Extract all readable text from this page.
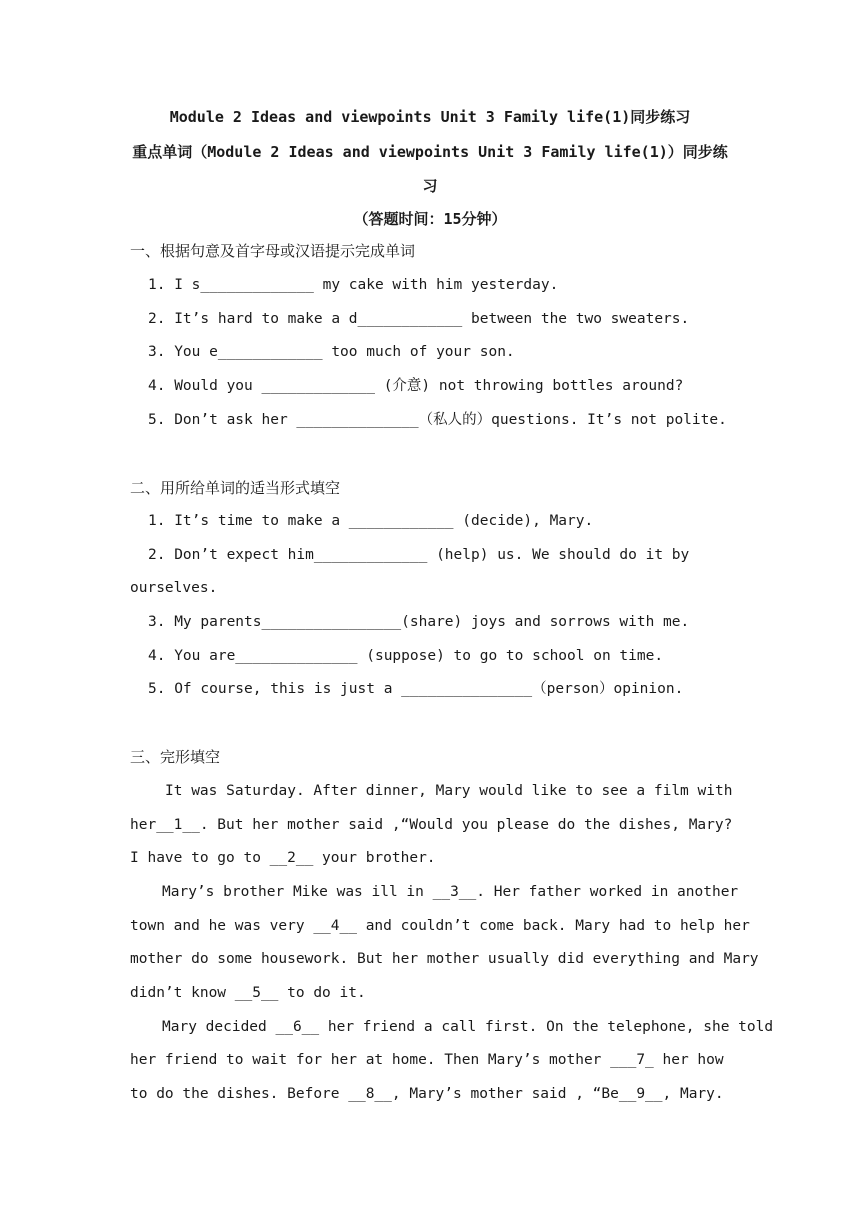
Module 2 Ideas and viewpoints Unit 3 Family life(1)同步练习
重点单词（Module 2 Ideas and viewpoints Unit 3 Family life(1)）同步练
习
（答题时间：15分钟）
一、根据句意及首字母或汉语提示完成单词
1. I s_____________ my cake with him yesterday.
2. It’s hard to make a d____________ between the two sweaters.
3. You e____________ too much of your son.
4. Would you _____________ (介意) not throwing bottles around?
5. Don’t ask her ______________（私人的）questions. It’s not polite.
二、用所给单词的适当形式填空
1. It’s time to make a ____________ (decide), Mary.
2. Don’t expect him_____________ (help) us. We should do it by
ourselves.
3. My parents________________(share) joys and sorrows with me.
4. You are______________ (suppose) to go to school on time.
5. Of course, this is just a _______________（person）opinion.
三、完形填空
It was Saturday. After dinner, Mary would like to see a film with
her__1__. But her mother said ,“Would you please do the dishes, Mary?
I have to go to __2__ your brother.
Mary’s brother Mike was ill in __3__. Her father worked in another
town and he was very __4__ and couldn’t come back. Mary had to help her
mother do some housework. But her mother usually did everything and Mary
didn’t know __5__ to do it.
Mary decided __6__ her friend a call first. On the telephone, she told
her friend to wait for her at home. Then Mary’s mother ___7_ her how
to do the dishes. Before __8__, Mary’s mother said , “Be__9__, Mary.
